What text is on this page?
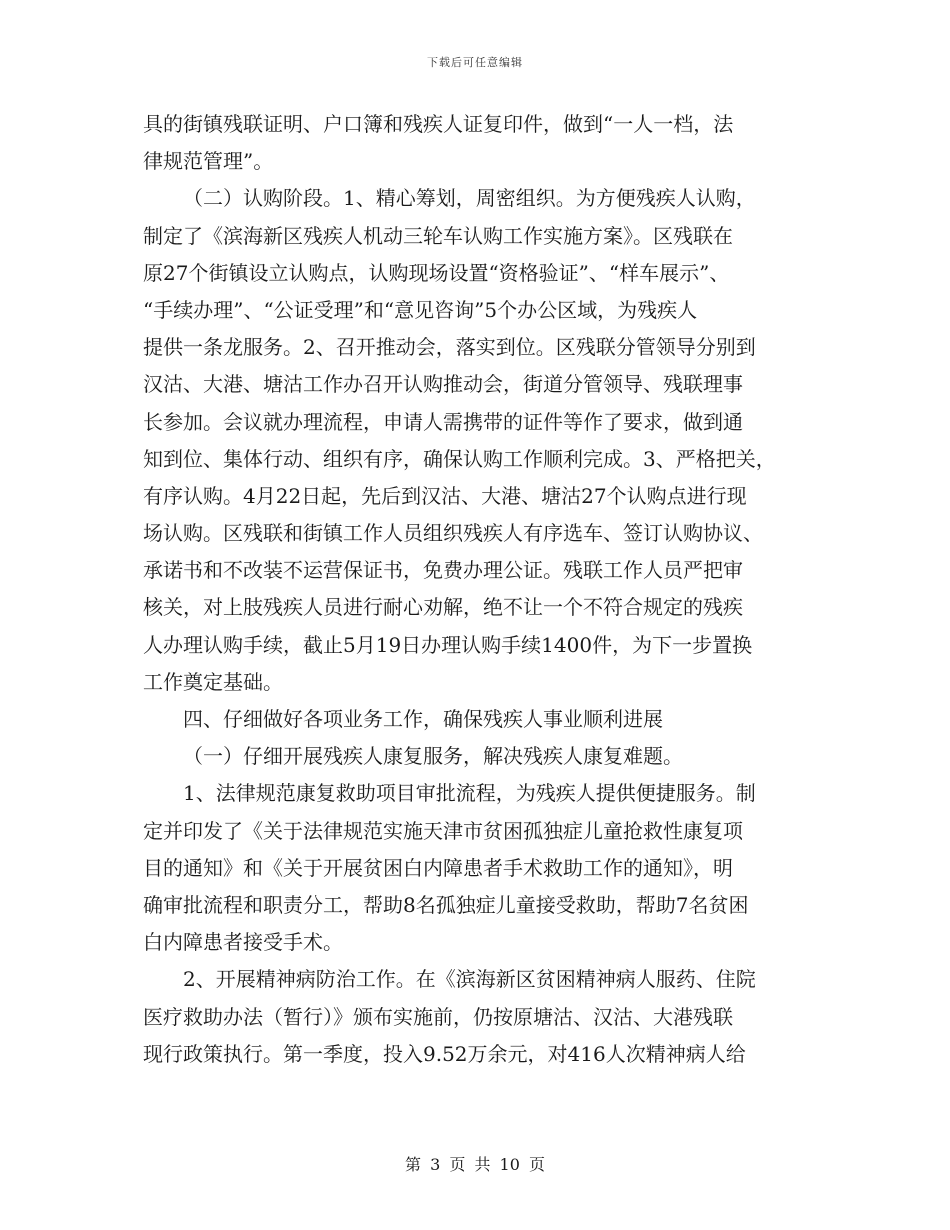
下载后可任意编辑
具的街镇残联证明、户口簿和残疾人证复印件，做到“一人一档，法
律规范管理”。
（二）认购阶段。1、精心筹划，周密组织。为方便残疾人认购，
制定了《滨海新区残疾人机动三轮车认购工作实施方案》。区残联在
原27个街镇设立认购点，认购现场设置“资格验证”、“样车展示”、
“手续办理”、“公证受理”和“意见咨询”5个办公区域，为残疾人
提供一条龙服务。2、召开推动会，落实到位。区残联分管领导分别到
汉沽、大港、塘沽工作办召开认购推动会，街道分管领导、残联理事
长参加。会议就办理流程，申请人需携带的证件等作了要求，做到通
知到位、集体行动、组织有序，确保认购工作顺利完成。3、严格把关，
有序认购。4月22日起，先后到汉沽、大港、塘沽27个认购点进行现
场认购。区残联和街镇工作人员组织残疾人有序选车、签订认购协议、
承诺书和不改装不运营保证书，免费办理公证。残联工作人员严把审
核关，对上肢残疾人员进行耐心劝解，绝不让一个不符合规定的残疾
人办理认购手续，截止5月19日办理认购手续1400件，为下一步置换
工作奠定基础。
四、仔细做好各项业务工作，确保残疾人事业顺利进展
（一）仔细开展残疾人康复服务，解决残疾人康复难题。
1、法律规范康复救助项目审批流程，为残疾人提供便捷服务。制
定并印发了《关于法律规范实施天津市贫困孤独症儿童抢救性康复项
目的通知》和《关于开展贫困白内障患者手术救助工作的通知》，明
确审批流程和职责分工，帮助8名孤独症儿童接受救助，帮助7名贫困
白内障患者接受手术。
2、开展精神病防治工作。在《滨海新区贫困精神病人服药、住院
医疗救助办法（暂行）》颁布实施前，仍按原塘沽、汉沽、大港残联
现行政策执行。第一季度，投入9.52万余元，对416人次精神病人给
第 3 页 共 10 页
